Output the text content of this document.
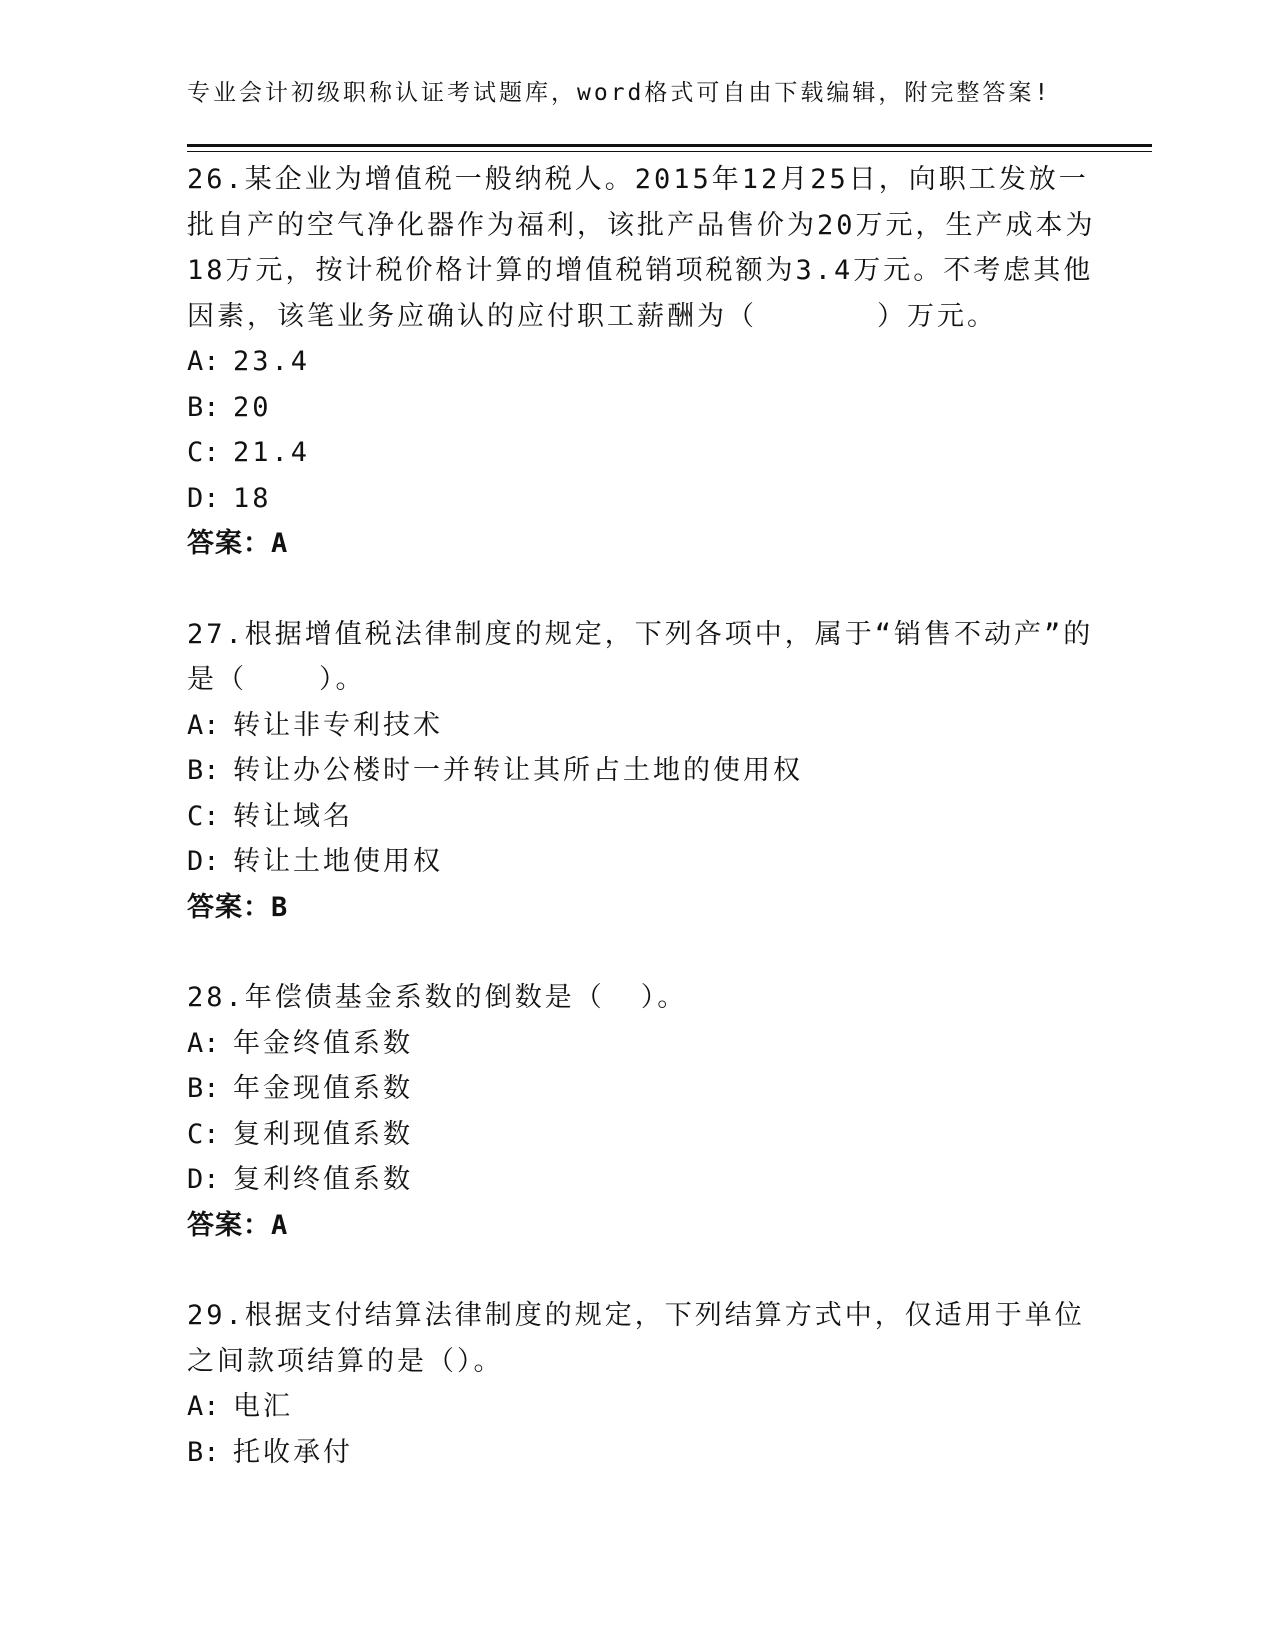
专业会计初级职称认证考试题库，word格式可自由下载编辑，附完整答案!

26.某企业为增值税一般纳税人。2015年12月25日，向职工发放一批自产的空气净化器作为福利，该批产品售价为20万元，生产成本为18万元，按计税价格计算的增值税销项税额为3.4万元。不考虑其他因素，该笔业务应确认的应付职工薪酬为（	）万元。

A: 23.4

B: 20

C: 21.4

D: 18

答案：A

27.根据增值税法律制度的规定，下列各项中，属于“销售不动产”的是（	）。

A: 转让非专利技术

B: 转让办公楼时一并转让其所占土地的使用权

C: 转让域名

D: 转让土地使用权

答案：B

28.年偿债基金系数的倒数是（ ）。

A: 年金终值系数

B: 年金现值系数

C: 复利现值系数

D: 复利终值系数

答案：A

29.根据支付结算法律制度的规定，下列结算方式中，仅适用于单位之间款项结算的是（）。

A: 电汇

B: 托收承付
